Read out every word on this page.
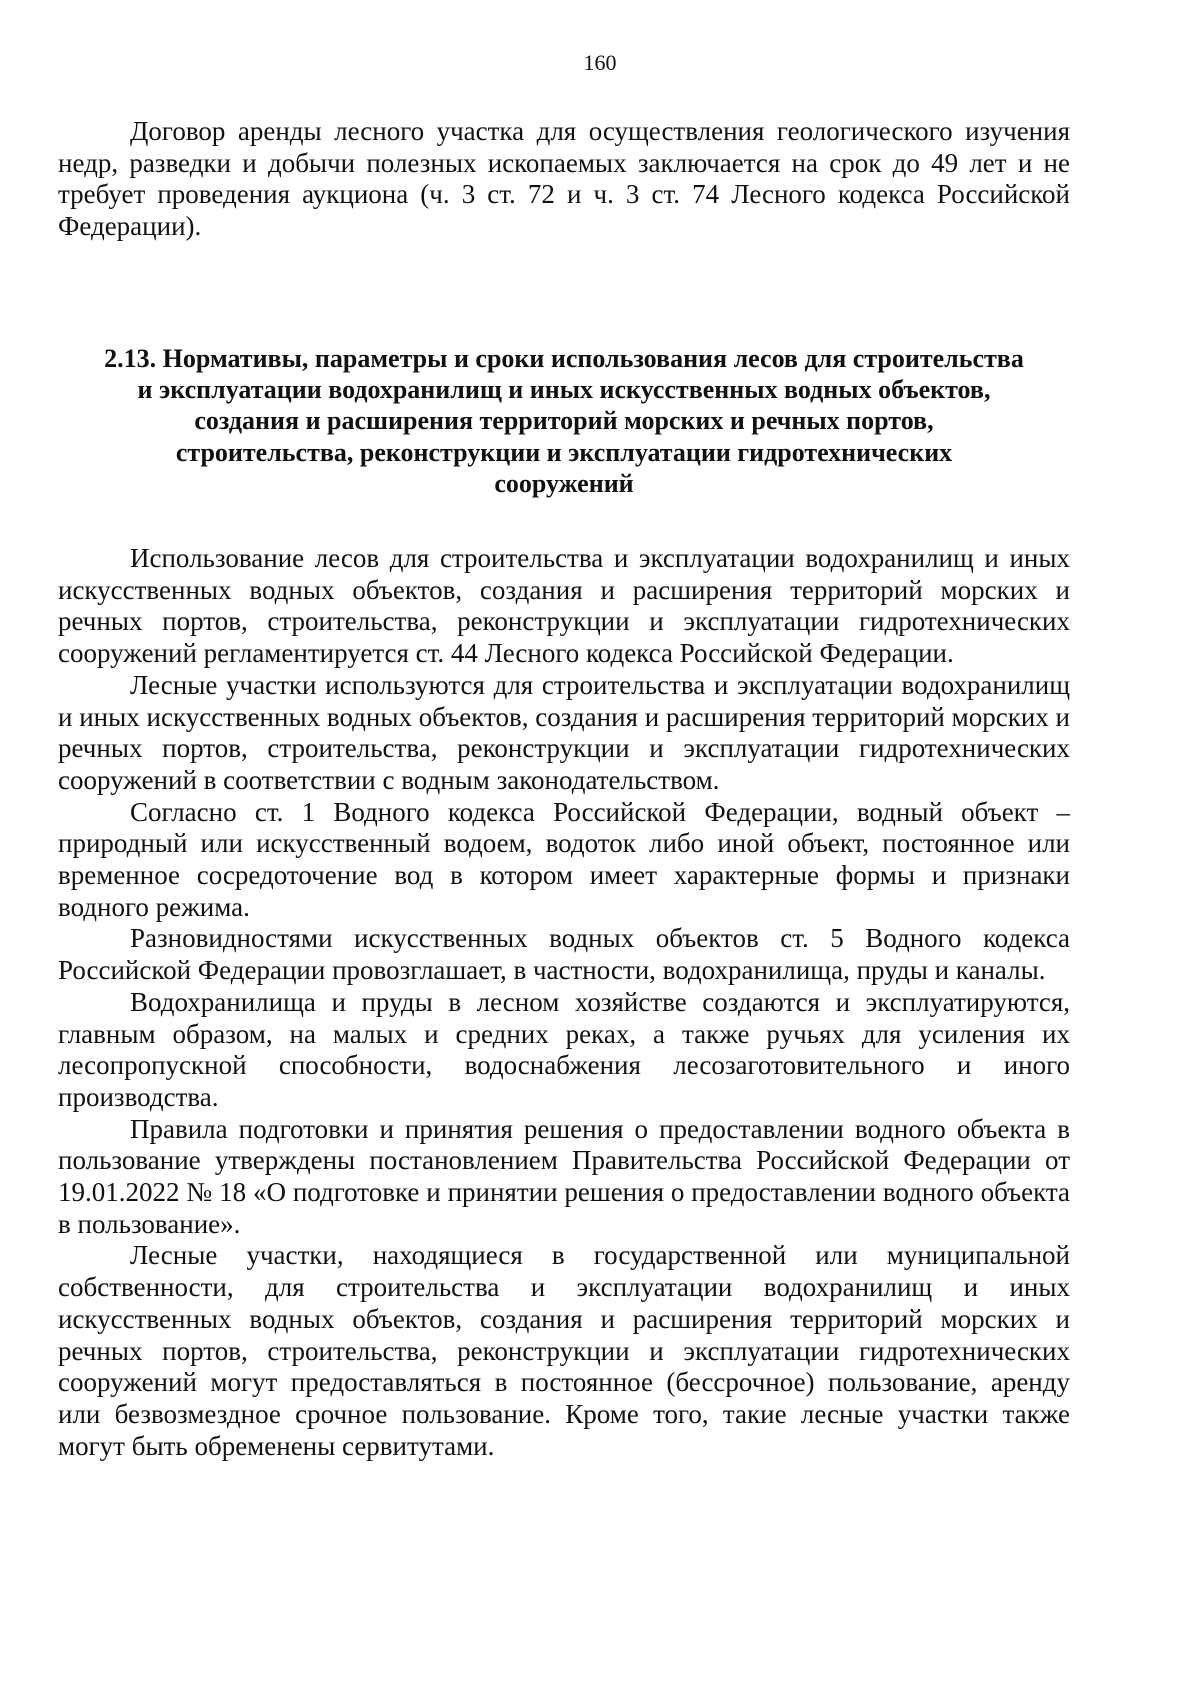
160

Договор аренды лесного участка для осуществления геологического изучения недр, разведки и добычи полезных ископаемых заключается на срок до 49 лет и не требует проведения аукциона (ч. 3 ст. 72 и ч. 3 ст. 74 Лесного кодекса Российской Федерации).

2.13. Нормативы, параметры и сроки использования лесов для строительства
и эксплуатации водохранилищ и иных искусственных водных объектов,
создания и расширения территорий морских и речных портов,
строительства, реконструкции и эксплуатации гидротехнических
сооружений

Использование лесов для строительства и эксплуатации водохранилищ и иных искусственных водных объектов, создания и расширения территорий морских и речных портов, строительства, реконструкции и эксплуатации гидротехнических сооружений регламентируется ст. 44 Лесного кодекса Российской Федерации.

Лесные участки используются для строительства и эксплуатации водохранилищ и иных искусственных водных объектов, создания и расширения территорий морских и речных портов, строительства, реконструкции и эксплуатации гидротехнических сооружений в соответствии с водным законодательством.

Согласно ст. 1 Водного кодекса Российской Федерации, водный объект – природный или искусственный водоем, водоток либо иной объект, постоянное или временное сосредоточение вод в котором имеет характерные формы и признаки водного режима.

Разновидностями искусственных водных объектов ст. 5 Водного кодекса Российской Федерации провозглашает, в частности, водохранилища, пруды и каналы.

Водохранилища и пруды в лесном хозяйстве создаются и эксплуатируются, главным образом, на малых и средних реках, а также ручьях для усиления их лесопропускной способности, водоснабжения лесозаготовительного и иного производства.

Правила подготовки и принятия решения о предоставлении водного объекта в пользование утверждены постановлением Правительства Российской Федерации от 19.01.2022 № 18 «О подготовке и принятии решения о предоставлении водного объекта в пользование».

Лесные участки, находящиеся в государственной или муниципальной собственности, для строительства и эксплуатации водохранилищ и иных искусственных водных объектов, создания и расширения территорий морских и речных портов, строительства, реконструкции и эксплуатации гидротехнических сооружений могут предоставляться в постоянное (бессрочное) пользование, аренду или безвозмездное срочное пользование. Кроме того, такие лесные участки также могут быть обременены сервитутами.
